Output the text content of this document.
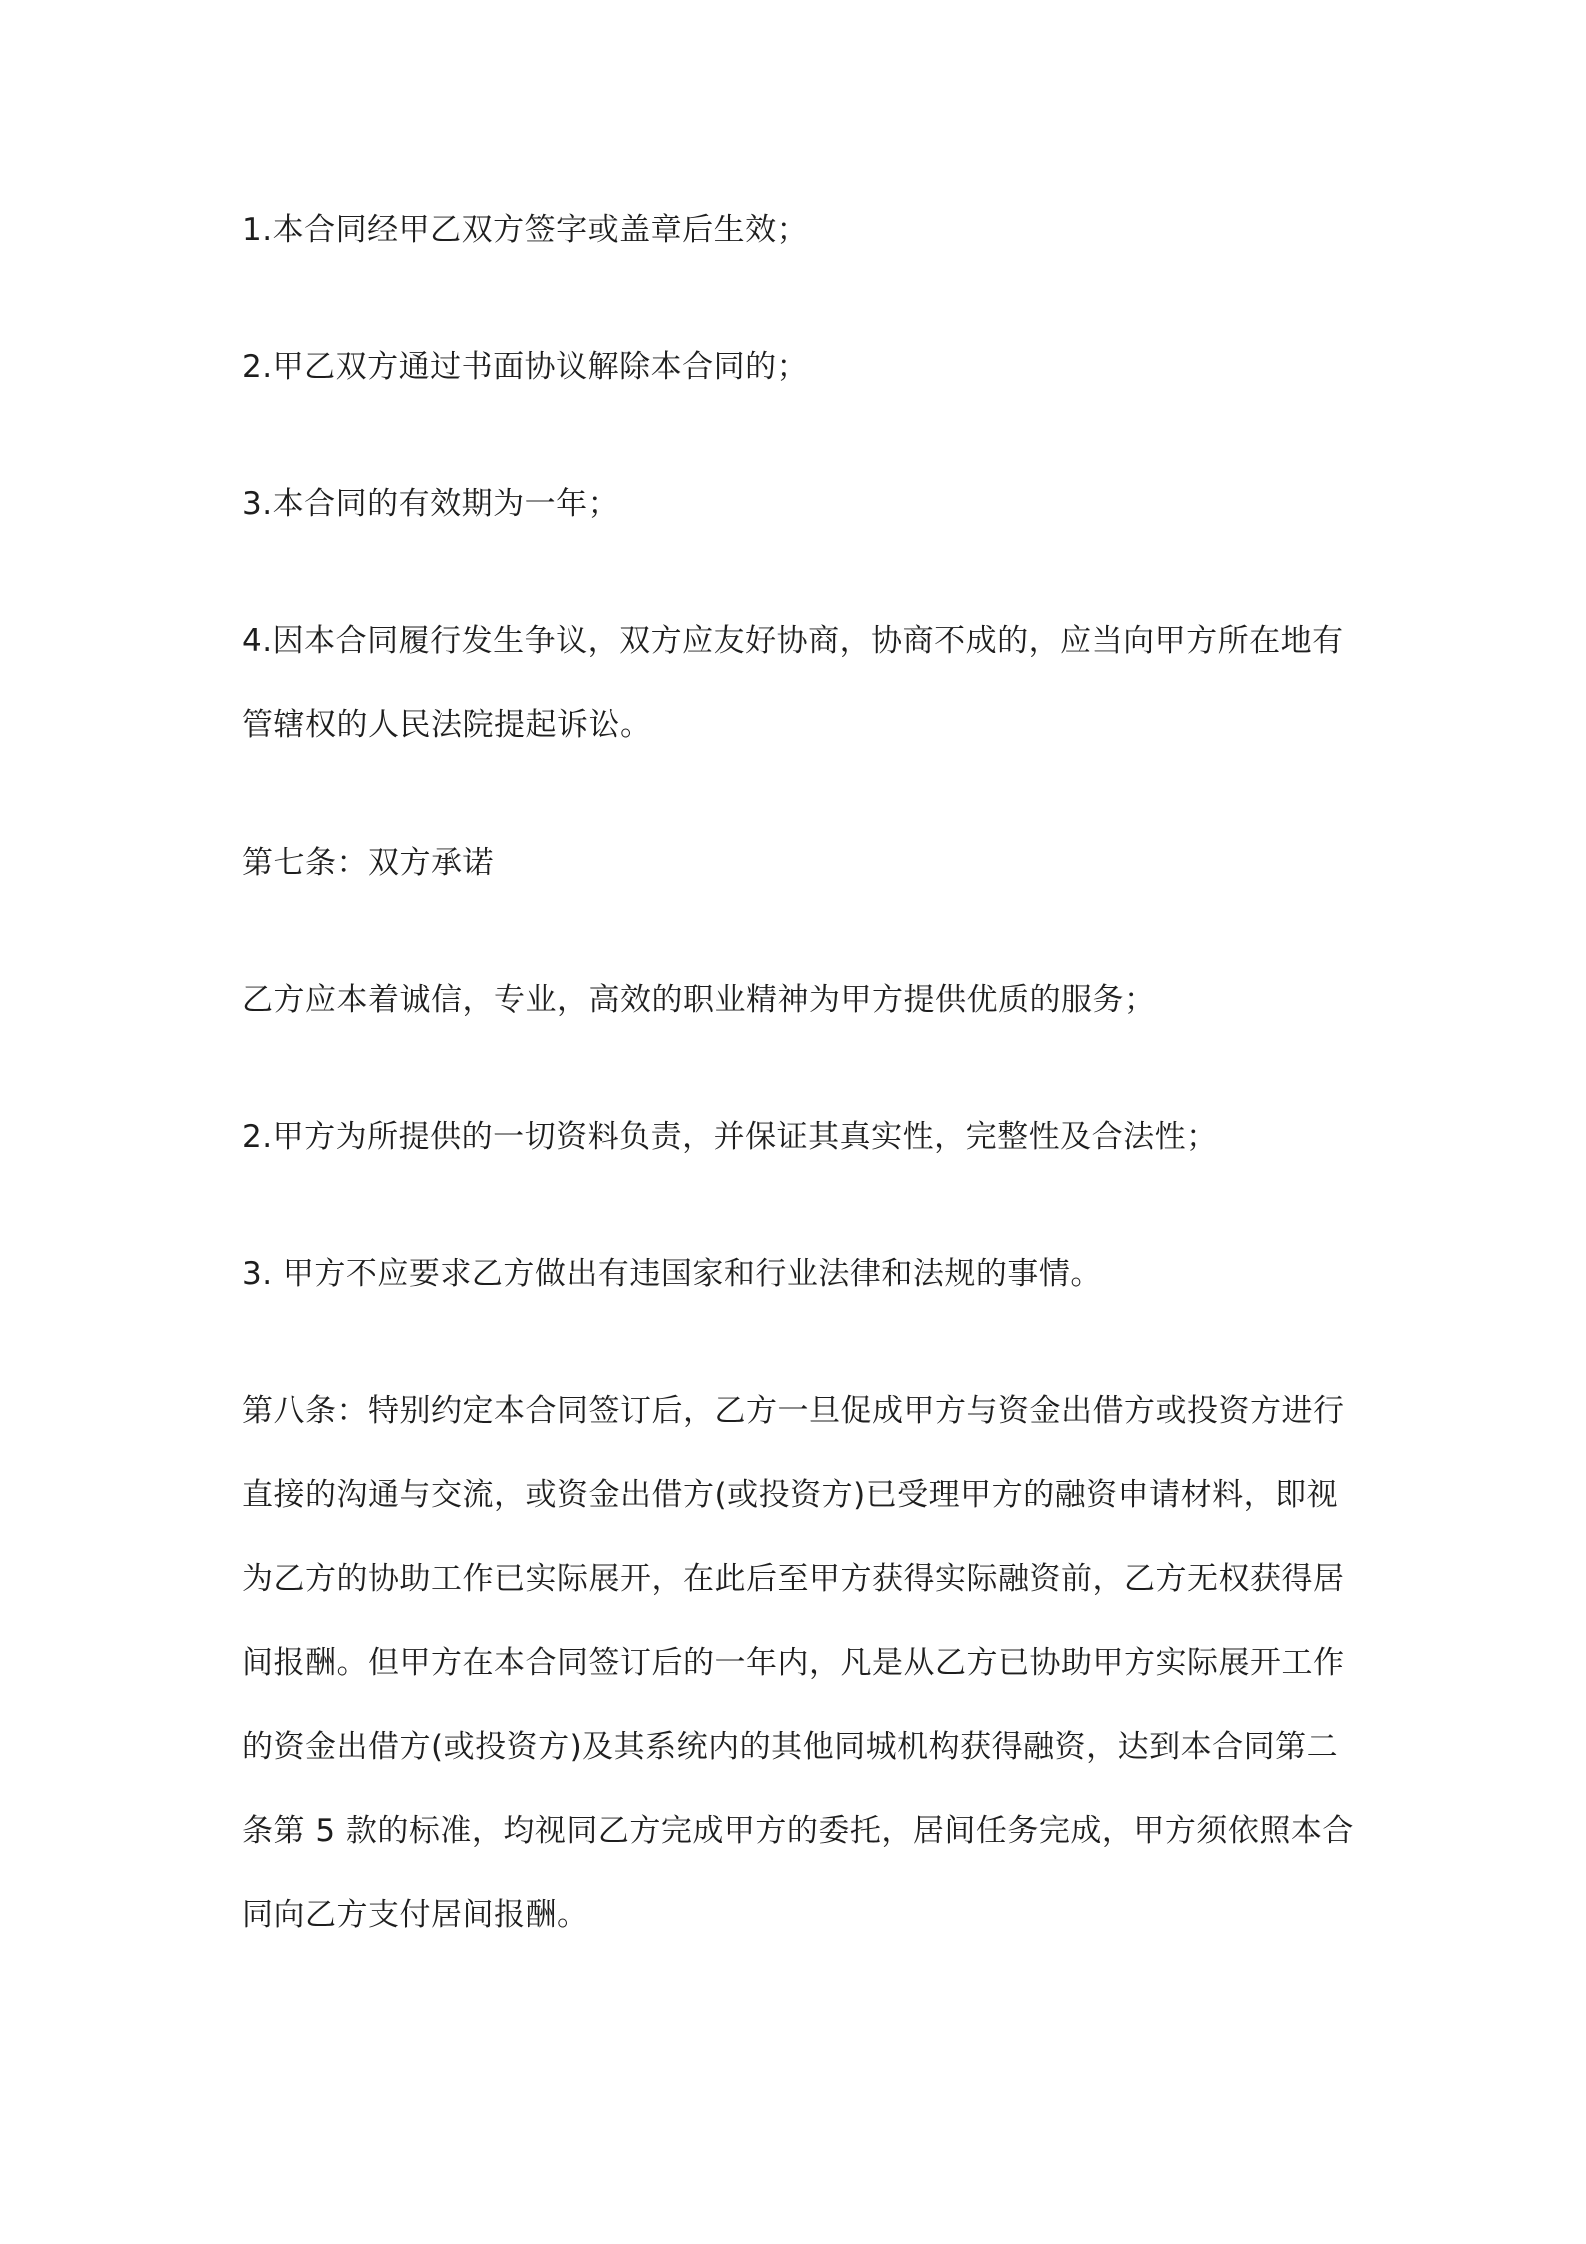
1.本合同经甲乙双方签字或盖章后生效；

2.甲乙双方通过书面协议解除本合同的；

3.本合同的有效期为一年；

4.因本合同履行发生争议，双方应友好协商，协商不成的，应当向甲方所在地有
管辖权的人民法院提起诉讼。

第七条：双方承诺

乙方应本着诚信，专业，高效的职业精神为甲方提供优质的服务；

2.甲方为所提供的一切资料负责，并保证其真实性，完整性及合法性；

3. 甲方不应要求乙方做出有违国家和行业法律和法规的事情。

第八条：特别约定本合同签订后，乙方一旦促成甲方与资金出借方或投资方进行
直接的沟通与交流，或资金出借方(或投资方)已受理甲方的融资申请材料，即视
为乙方的协助工作已实际展开，在此后至甲方获得实际融资前，乙方无权获得居
间报酬。但甲方在本合同签订后的一年内，凡是从乙方已协助甲方实际展开工作
的资金出借方(或投资方)及其系统内的其他同城机构获得融资，达到本合同第二
条第 5 款的标准，均视同乙方完成甲方的委托，居间任务完成，甲方须依照本合
同向乙方支付居间报酬。
